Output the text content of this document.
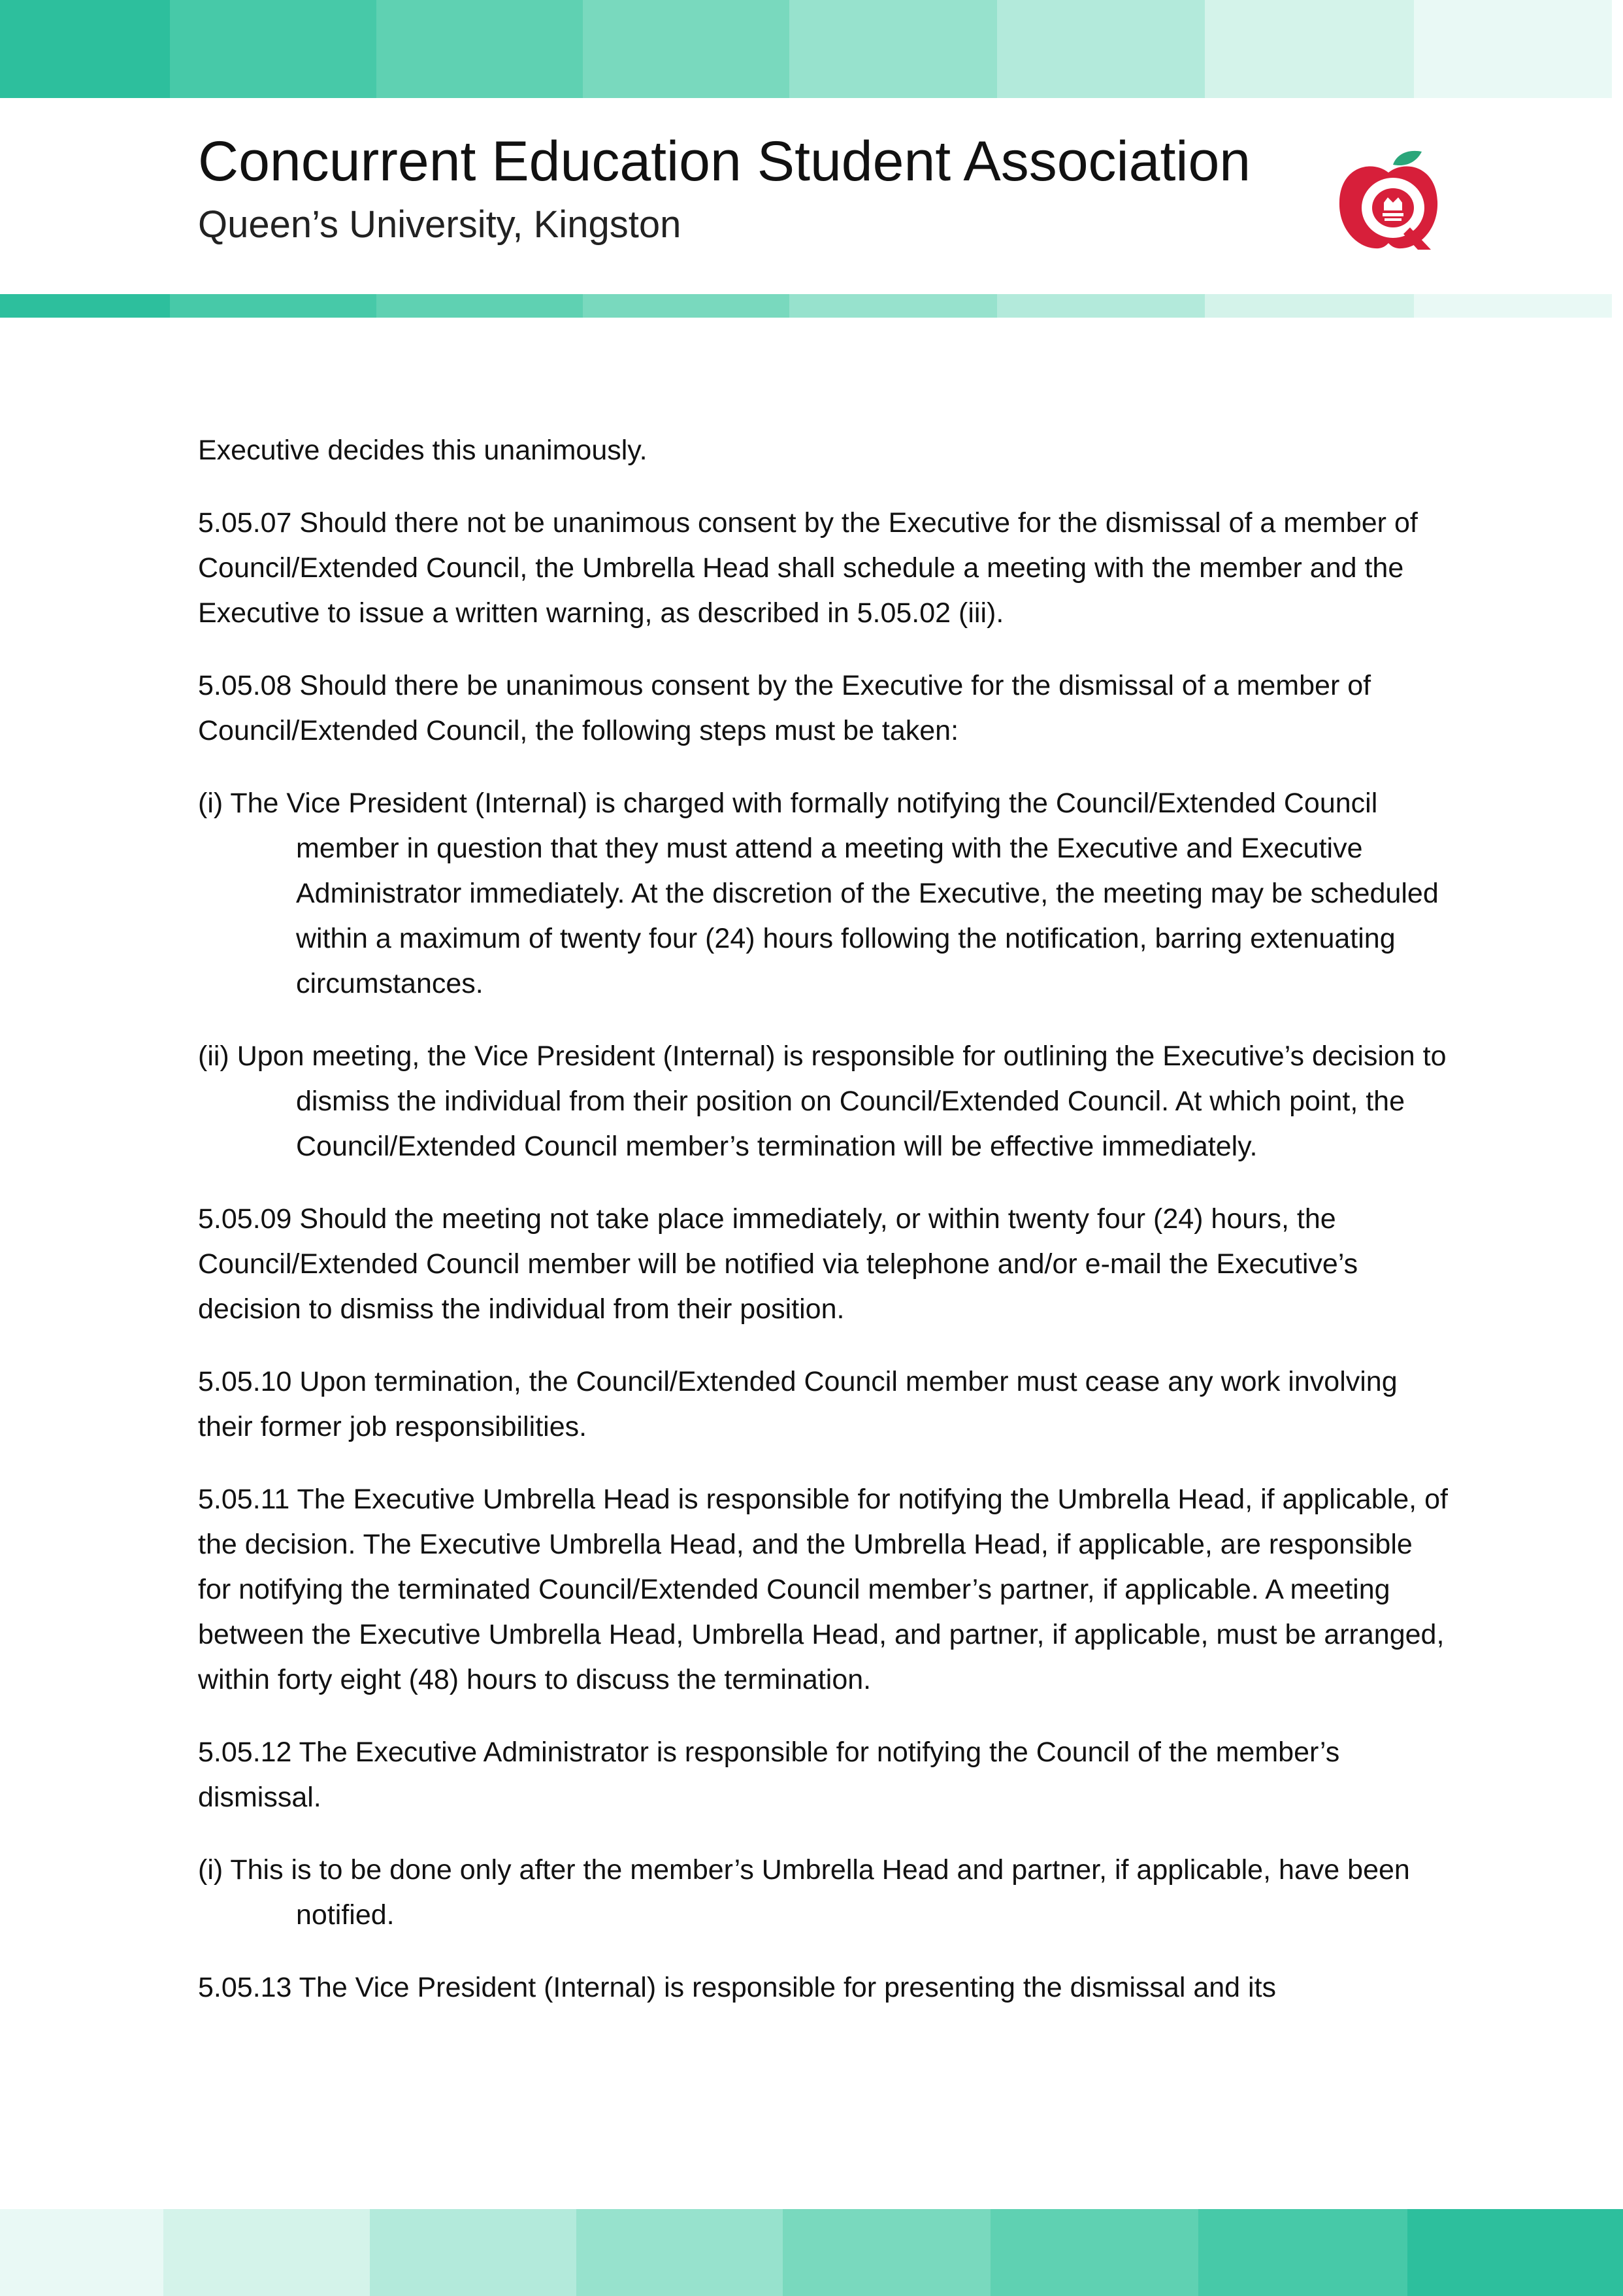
Concurrent Education Student Association
Queen’s University, Kingston

Executive decides this unanimously.

5.05.07 Should there not be unanimous consent by the Executive for the dismissal of a member of Council/Extended Council, the Umbrella Head shall schedule a meeting with the member and the Executive to issue a written warning, as described in 5.05.02 (iii).

5.05.08 Should there be unanimous consent by the Executive for the dismissal of a member of Council/Extended Council, the following steps must be taken:

(i) The Vice President (Internal) is charged with formally notifying the Council/Extended Council member in question that they must attend a meeting with the Executive and Executive Administrator immediately. At the discretion of the Executive, the meeting may be scheduled within a maximum of twenty four (24) hours following the notification, barring extenuating circumstances.

(ii) Upon meeting, the Vice President (Internal) is responsible for outlining the Executive’s decision to dismiss the individual from their position on Council/Extended Council. At which point, the Council/Extended Council member’s termination will be effective immediately.

5.05.09 Should the meeting not take place immediately, or within twenty four (24) hours, the Council/Extended Council member will be notified via telephone and/or e-mail the Executive’s decision to dismiss the individual from their position.

5.05.10 Upon termination, the Council/Extended Council member must cease any work involving their former job responsibilities.

5.05.11 The Executive Umbrella Head is responsible for notifying the Umbrella Head, if applicable, of the decision. The Executive Umbrella Head, and the Umbrella Head, if applicable, are responsible for notifying the terminated Council/Extended Council member’s partner, if applicable. A meeting between the Executive Umbrella Head, Umbrella Head, and partner, if applicable, must be arranged, within forty eight (48) hours to discuss the termination.

5.05.12 The Executive Administrator is responsible for notifying the Council of the member’s dismissal.

(i) This is to be done only after the member’s Umbrella Head and partner, if applicable, have been notified.

5.05.13 The Vice President (Internal) is responsible for presenting the dismissal and its
